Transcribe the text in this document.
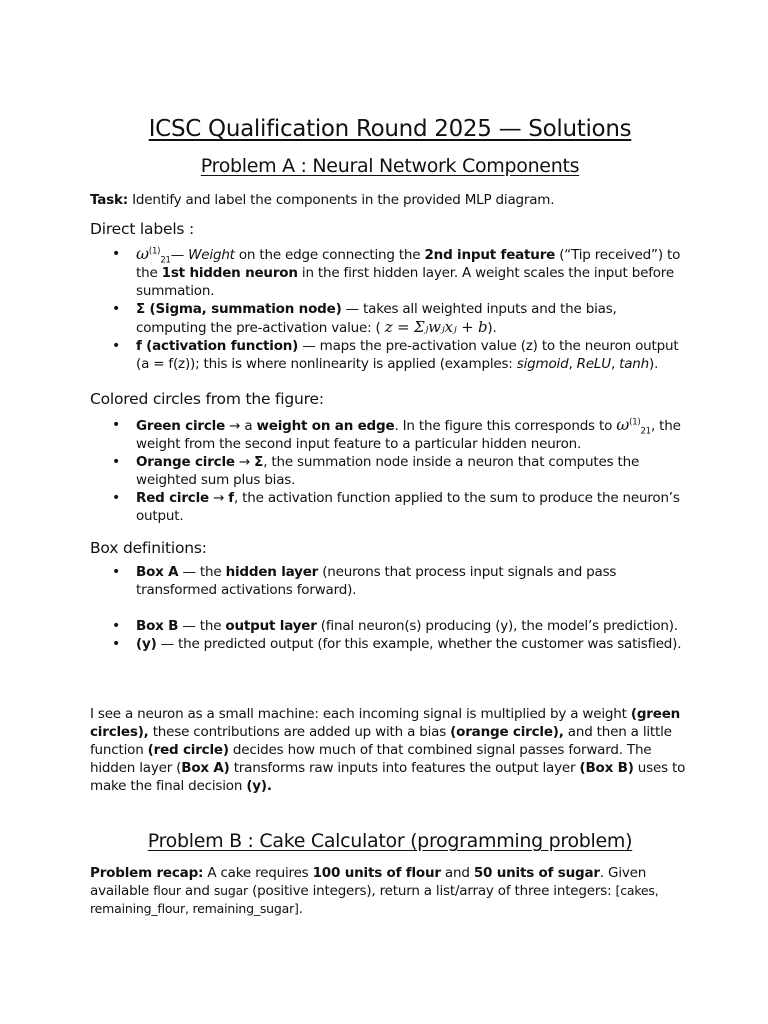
ICSC Qualification Round 2025 — Solutions
Problem A : Neural Network Components

Task: Identify and label the components in the provided MLP diagram.

Direct labels :
• $\omega^{(1)}_{21}—$ Weight on the edge connecting the 2nd input feature (“Tip received”) to the 1st hidden neuron in the first hidden layer. A weight scales the input before summation.
• Σ (Sigma, summation node) — takes all weighted inputs and the bias, computing the pre-activation value: ( z = Σⱼwⱼxⱼ + b).
• f (activation function) — maps the pre-activation value (z) to the neuron output (a = f(z)); this is where nonlinearity is applied (examples: sigmoid, ReLU, tanh).
Colored circles from the figure:
• Green circle → a weight on an edge. In the figure this corresponds to $\omega^{(1)}_{21}$, the weight from the second input feature to a particular hidden neuron.
• Orange circle → Σ, the summation node inside a neuron that computes the weighted sum plus bias.
• Red circle → f, the activation function applied to the sum to produce the neuron’s output.
Box definitions:
• Box A — the hidden layer (neurons that process input signals and pass transformed activations forward).
• Box B — the output layer (final neuron(s) producing (y), the model’s prediction).
• (y) — the predicted output (for this example, whether the customer was satisfied).

I see a neuron as a small machine: each incoming signal is multiplied by a weight (green circles), these contributions are added up with a bias (orange circle), and then a little function (red circle) decides how much of that combined signal passes forward. The hidden layer (Box A) transforms raw inputs into features the output layer (Box B) uses to make the final decision (y).

Problem B : Cake Calculator (programming problem)

Problem recap: A cake requires 100 units of flour and 50 units of sugar. Given available flour and sugar (positive integers), return a list/array of three integers: [cakes, remaining_flour, remaining_sugar].
